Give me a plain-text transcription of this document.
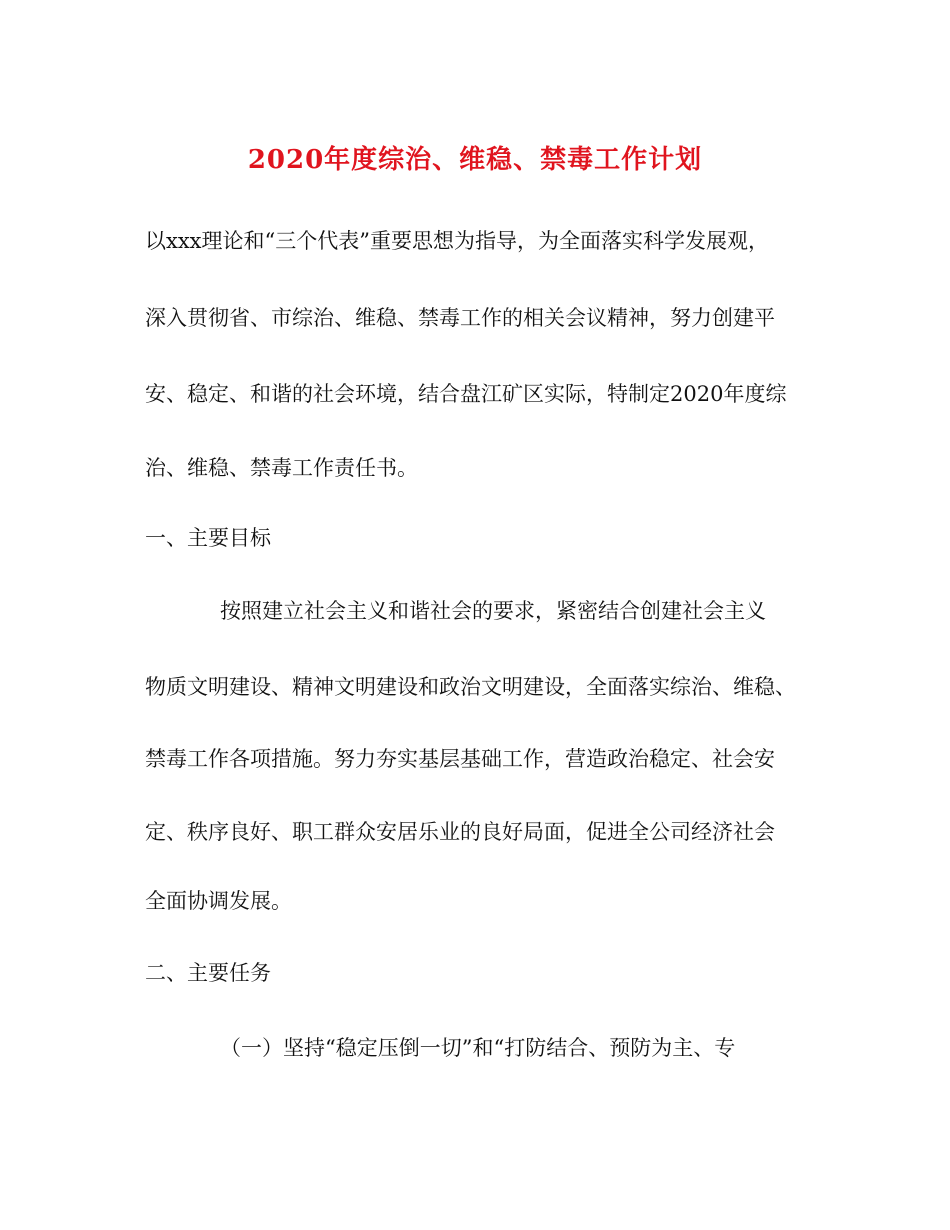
2020年度综治、维稳、禁毒工作计划
以xxx理论和“三个代表”重要思想为指导，为全面落实科学发展观，
深入贯彻省、市综治、维稳、禁毒工作的相关会议精神，努力创建平
安、稳定、和谐的社会环境，结合盘江矿区实际，特制定2020年度综
治、维稳、禁毒工作责任书。
一、主要目标
按照建立社会主义和谐社会的要求，紧密结合创建社会主义
物质文明建设、精神文明建设和政治文明建设，全面落实综治、维稳、
禁毒工作各项措施。努力夯实基层基础工作，营造政治稳定、社会安
定、秩序良好、职工群众安居乐业的良好局面，促进全公司经济社会
全面协调发展。
二、主要任务
（一）坚持“稳定压倒一切”和“打防结合、预防为主、专
